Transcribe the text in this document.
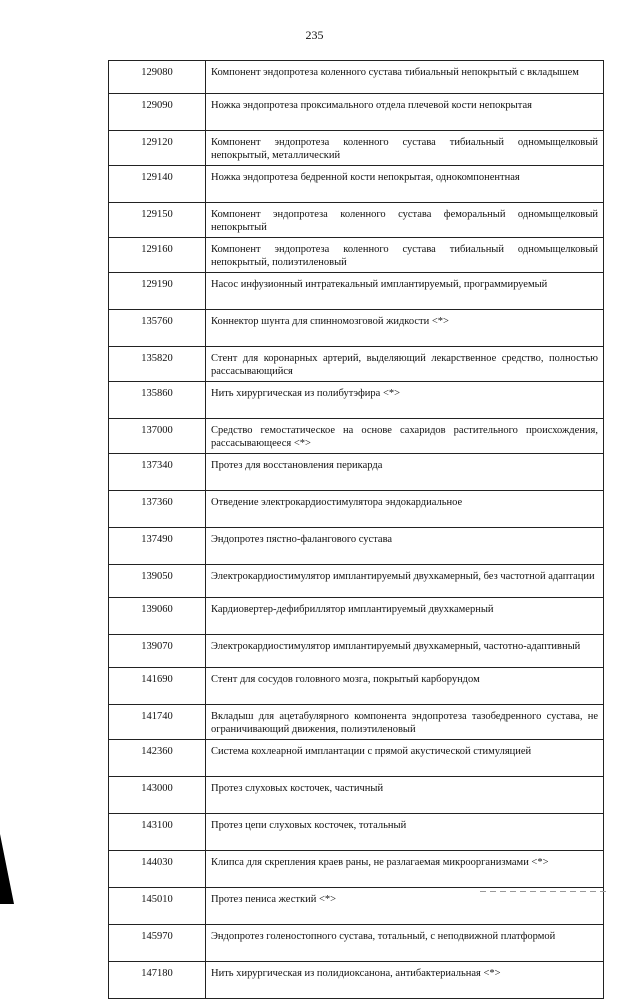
235
129080	Компонент эндопротеза коленного сустава тибиальный непокрытый с вкладышем
129090	Ножка эндопротеза проксимального отдела плечевой кости непокрытая
129120	Компонент эндопротеза коленного сустава тибиальный одномыщелковый непокрытый, металлический
129140	Ножка эндопротеза бедренной кости непокрытая, однокомпонентная
129150	Компонент эндопротеза коленного сустава феморальный одномыщелковый непокрытый
129160	Компонент эндопротеза коленного сустава тибиальный одномыщелковый непокрытый, полиэтиленовый
129190	Насос инфузионный интратекальный имплантируемый, программируемый
135760	Коннектор шунта для спинномозговой жидкости <*>
135820	Стент для коронарных артерий, выделяющий лекарственное средство, полностью рассасывающийся
135860	Нить хирургическая из полибутэфира <*>
137000	Средство гемостатическое на основе сахаридов растительного происхождения, рассасывающееся <*>
137340	Протез для восстановления перикарда
137360	Отведение электрокардиостимулятора эндокардиальное
137490	Эндопротез пястно-фалангового сустава
139050	Электрокардиостимулятор имплантируемый двухкамерный, без частотной адаптации
139060	Кардиовертер-дефибриллятор имплантируемый двухкамерный
139070	Электрокардиостимулятор имплантируемый двухкамерный, частотно-адаптивный
141690	Стент для сосудов головного мозга, покрытый карборундом
141740	Вкладыш для ацетабулярного компонента эндопротеза тазобедренного сустава, не ограничивающий движения, полиэтиленовый
142360	Система кохлеарной имплантации с прямой акустической стимуляцией
143000	Протез слуховых косточек, частичный
143100	Протез цепи слуховых косточек, тотальный
144030	Клипса для скрепления краев раны, не разлагаемая микроорганизмами <*>
145010	Протез пениса жесткий <*>
145970	Эндопротез голеностопного сустава, тотальный, с неподвижной платформой
147180	Нить хирургическая из полидиоксанона, антибактериальная <*>
